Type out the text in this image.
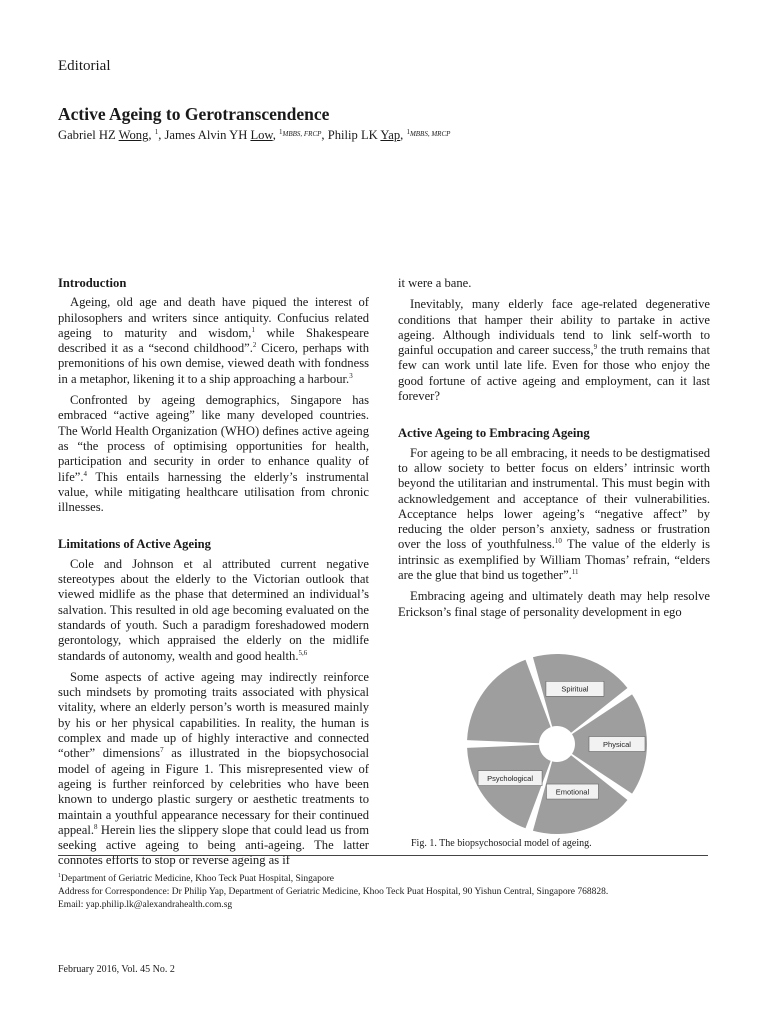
Editorial
Active Ageing to Gerotranscendence
Gabriel HZ Wong, $^1$, James Alvin YH Low, $^{1MBBS, FRCP}$, Philip LK Yap, $^{1MBBS, MRCP}$
Introduction

Ageing, old age and death have piqued the interest of philosophers and writers since antiquity. Confucius related ageing to maturity and wisdom,$^1$ while Shakespeare described it as a “second childhood”.$^2$ Cicero, perhaps with premonitions of his own demise, viewed death with fondness in a metaphor, likening it to a ship approaching a harbour.$^3$

Confronted by ageing demographics, Singapore has embraced “active ageing” like many developed countries. The World Health Organization (WHO) defines active ageing as “the process of optimising opportunities for health, participation and security in order to enhance quality of life”.$^4$ This entails harnessing the elderly’s instrumental value, while mitigating healthcare utilisation from chronic illnesses.

Limitations of Active Ageing

Cole and Johnson et al attributed current negative stereotypes about the elderly to the Victorian outlook that viewed midlife as the phase that determined an individual’s salvation. This resulted in old age becoming evaluated on the standards of youth. Such a paradigm foreshadowed modern gerontology, which appraised the elderly on the midlife standards of autonomy, wealth and good health.$^{5,6}$

Some aspects of active ageing may indirectly reinforce such mindsets by promoting traits associated with physical vitality, where an elderly person’s worth is measured mainly by his or her physical capabilities. In reality, the human is complex and made up of highly interactive and connected “other” dimensions$^7$ as illustrated in the biopsychosocial model of ageing in Figure 1. This misrepresented view of ageing is further reinforced by celebrities who have been known to undergo plastic surgery or aesthetic treatments to maintain a youthful appearance necessary for their continued appeal.$^8$ Herein lies the slippery slope that could lead us from seeking active ageing to being anti-ageing. The latter connotes efforts to stop or reverse ageing as if

it were a bane.

Inevitably, many elderly face age-related degenerative conditions that hamper their ability to partake in active ageing. Although individuals tend to link self-worth to gainful occupation and career success,$^9$ the truth remains that few can work until late life. Even for those who enjoy the good fortune of active ageing and employment, can it last forever?

Active Ageing to Embracing Ageing

For ageing to be all embracing, it needs to be destigmatised to allow society to better focus on elders’ intrinsic worth beyond the utilitarian and instrumental. This must begin with acknowledgement and acceptance of their vulnerabilities. Acceptance helps lower ageing’s “negative affect” by reducing the older person’s anxiety, sadness or frustration over the loss of youthfulness.$^{10}$ The value of the elderly is intrinsic as exemplified by William Thomas’ refrain, “elders are the glue that bind us together”.$^{11}$

Embracing ageing and ultimately death may help resolve Erickson’s final stage of personality development in ego

Spiritual
Physical
Emotional
Psychological
Fig. 1. The biopsychosocial model of ageing.
$^1$Department of Geriatric Medicine, Khoo Teck Puat Hospital, Singapore
Address for Correspondence: Dr Philip Yap, Department of Geriatric Medicine, Khoo Teck Puat Hospital, 90 Yishun Central, Singapore 768828.
Email: yap.philip.lk@alexandrahealth.com.sg
February 2016, Vol. 45 No. 2
